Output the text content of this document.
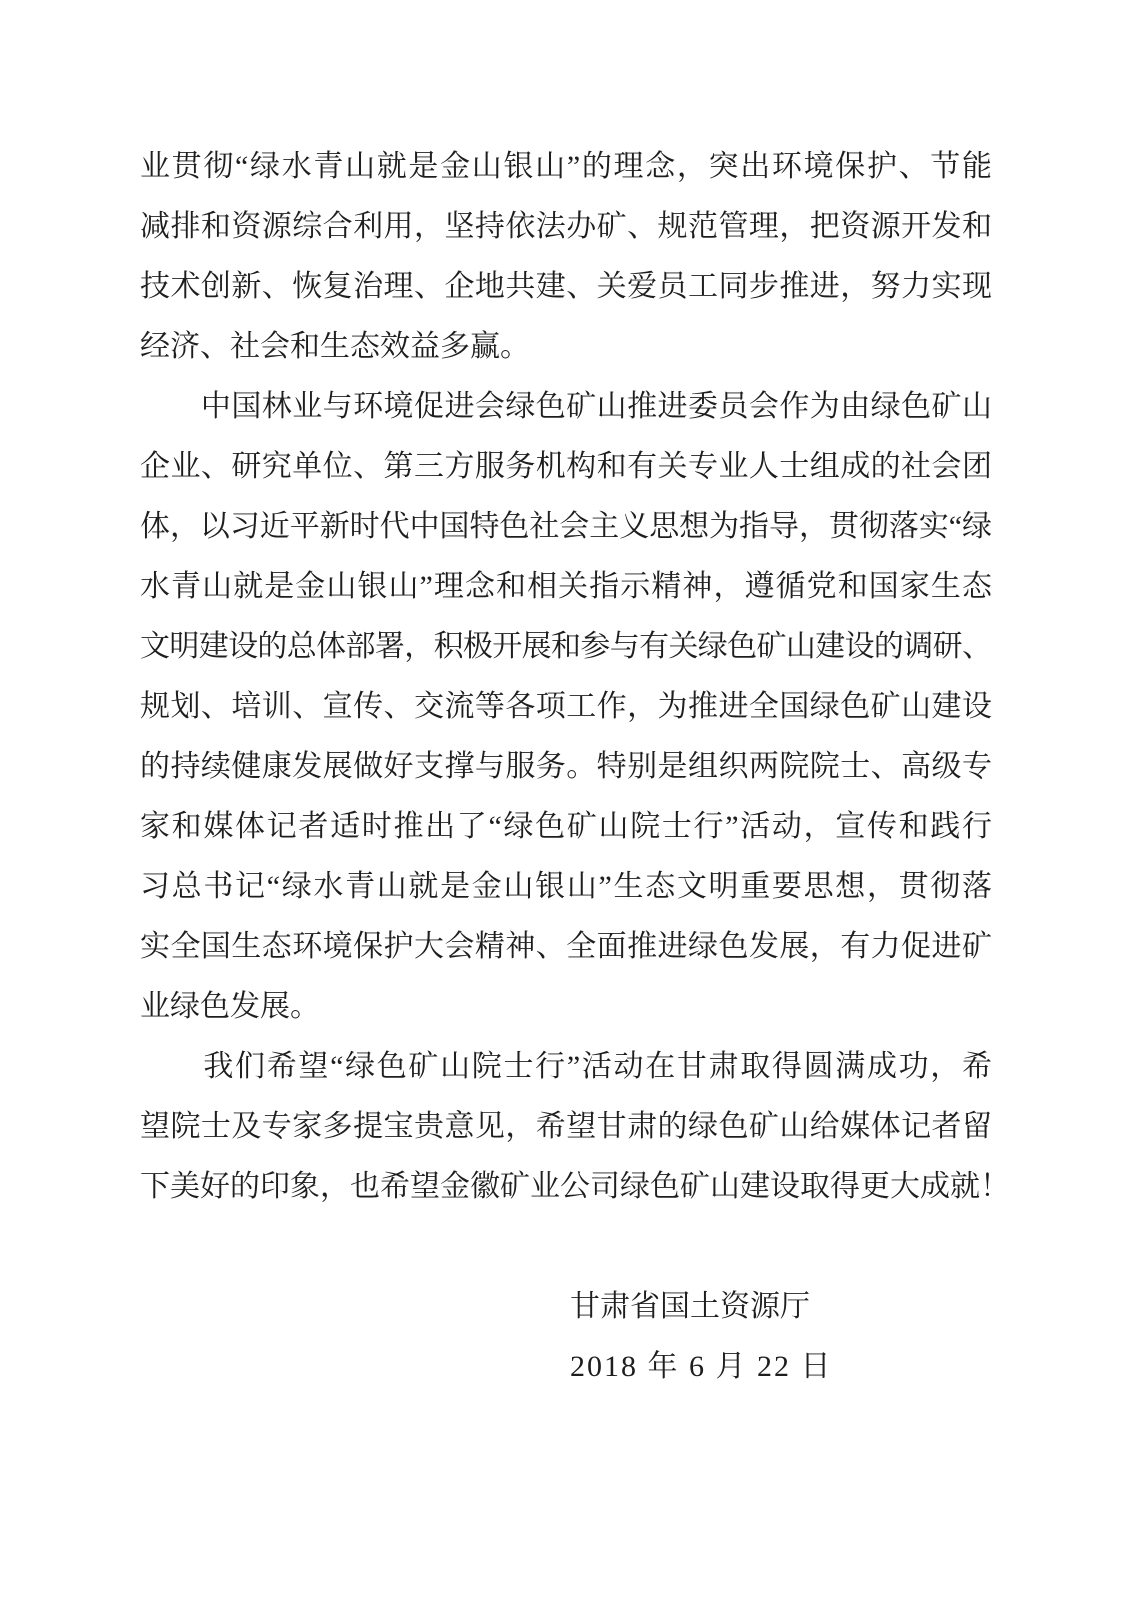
业贯彻“绿水青山就是金山银山”的理念，突出环境保护、节能
减排和资源综合利用，坚持依法办矿、规范管理，把资源开发和
技术创新、恢复治理、企地共建、关爱员工同步推进，努力实现
经济、社会和生态效益多赢。
　　中国林业与环境促进会绿色矿山推进委员会作为由绿色矿山
企业、研究单位、第三方服务机构和有关专业人士组成的社会团
体，以习近平新时代中国特色社会主义思想为指导，贯彻落实“绿
水青山就是金山银山”理念和相关指示精神，遵循党和国家生态
文明建设的总体部署，积极开展和参与有关绿色矿山建设的调研、
规划、培训、宣传、交流等各项工作，为推进全国绿色矿山建设
的持续健康发展做好支撑与服务。特别是组织两院院士、高级专
家和媒体记者适时推出了“绿色矿山院士行”活动，宣传和践行
习总书记“绿水青山就是金山银山”生态文明重要思想，贯彻落
实全国生态环境保护大会精神、全面推进绿色发展，有力促进矿
业绿色发展。
　　我们希望“绿色矿山院士行”活动在甘肃取得圆满成功，希
望院士及专家多提宝贵意见，希望甘肃的绿色矿山给媒体记者留
下美好的印象，也希望金徽矿业公司绿色矿山建设取得更大成就！
甘肃省国土资源厅
2018 年 6 月 22 日
